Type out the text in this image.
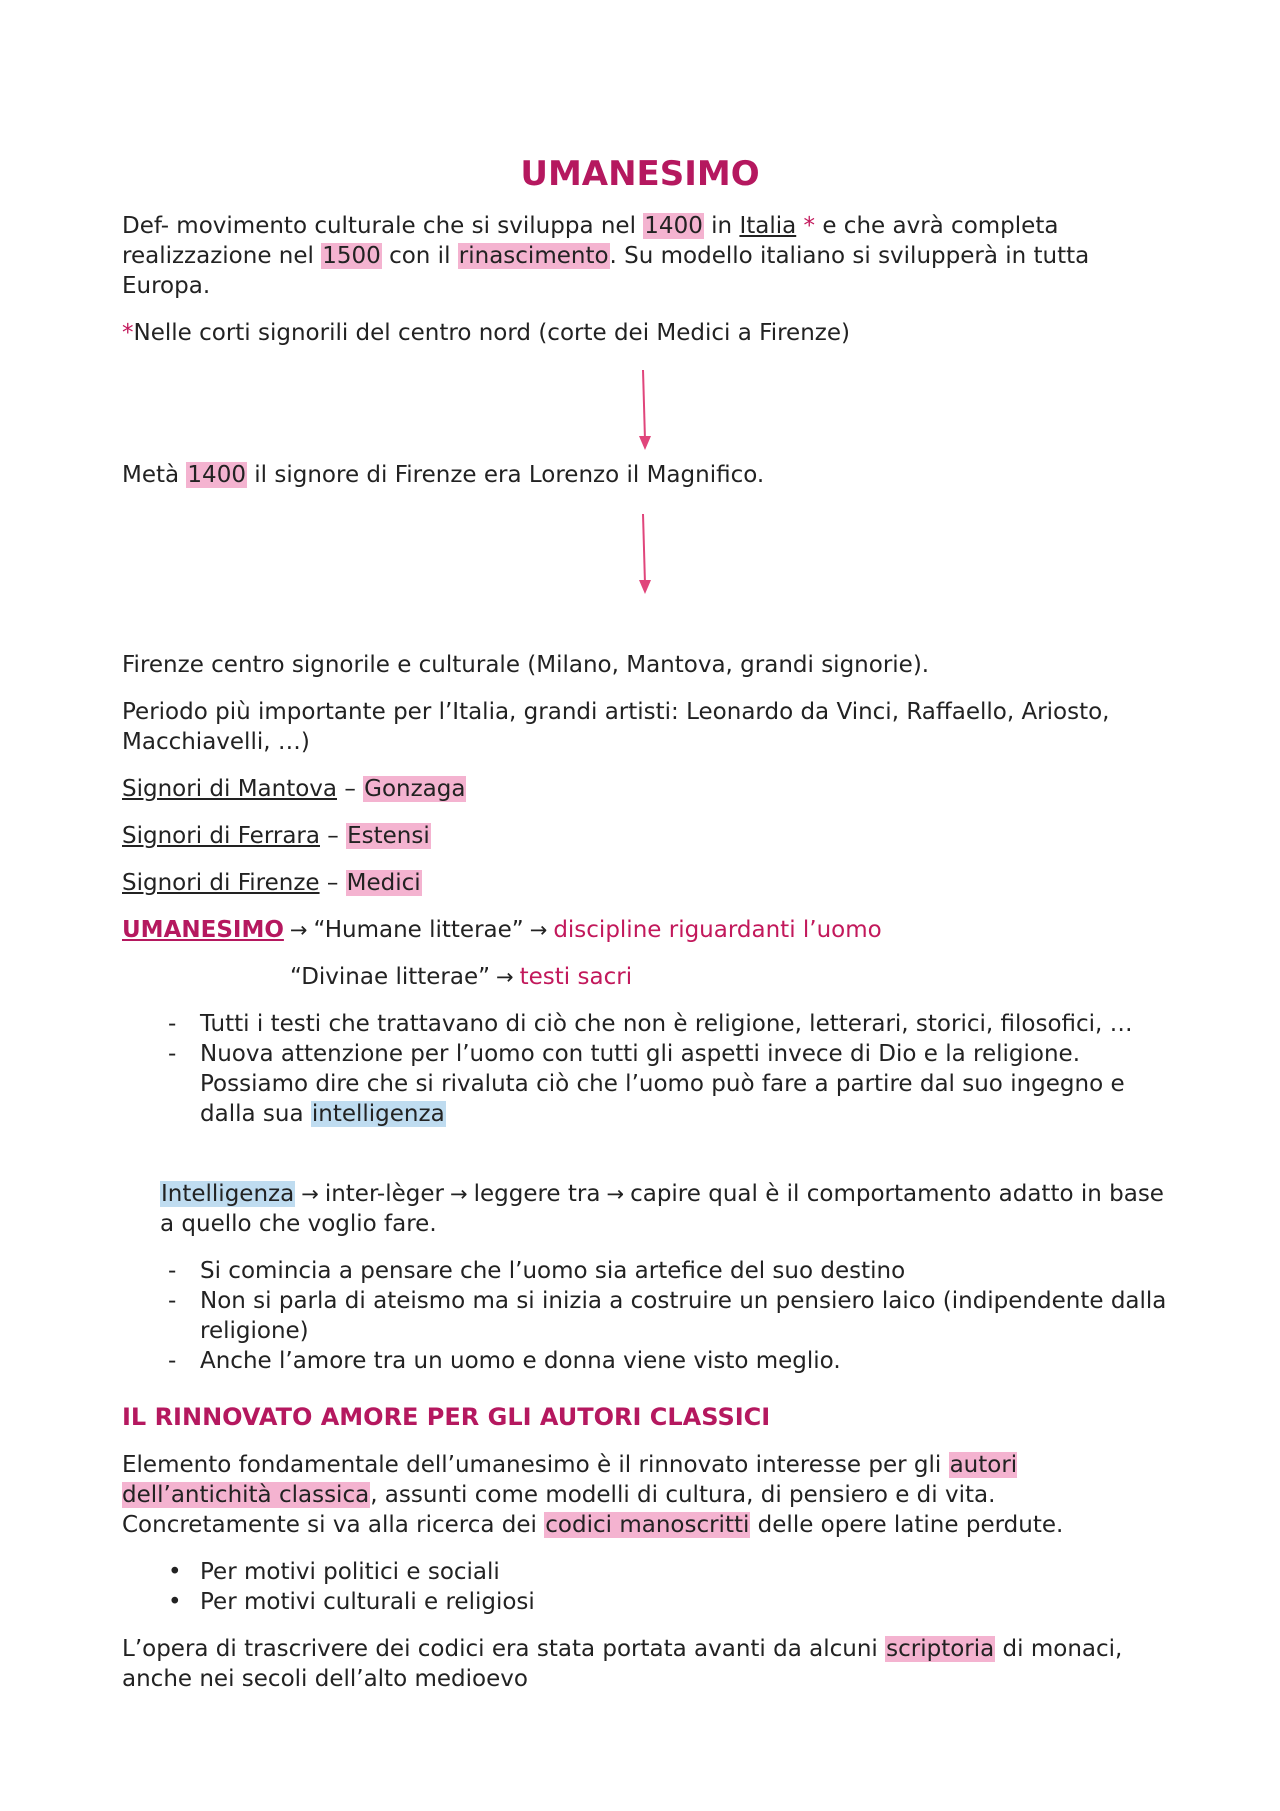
UMANESIMO

Def- movimento culturale che si sviluppa nel 1400 in Italia * e che avrà completa realizzazione nel 1500 con il rinascimento. Su modello italiano si svilupperà in tutta Europa.

*Nelle corti signorili del centro nord (corte dei Medici a Firenze)

Metà 1400 il signore di Firenze era Lorenzo il Magnifico.

Firenze centro signorile e culturale (Milano, Mantova, grandi signorie).

Periodo più importante per l’Italia, grandi artisti: Leonardo da Vinci, Raffaello, Ariosto, Macchiavelli, …)

Signori di Mantova – Gonzaga

Signori di Ferrara – Estensi

Signori di Firenze – Medici

UMANESIMO → “Humane litterae” → discipline riguardanti l’uomo

“Divinae litterae” → testi sacri

- Tutti i testi che trattavano di ciò che non è religione, letterari, storici, filosofici, …
- Nuova attenzione per l’uomo con tutti gli aspetti invece di Dio e la religione. Possiamo dire che si rivaluta ciò che l’uomo può fare a partire dal suo ingegno e dalla sua intelligenza

Intelligenza → inter-lèger → leggere tra → capire qual è il comportamento adatto in base a quello che voglio fare.

- Si comincia a pensare che l’uomo sia artefice del suo destino
- Non si parla di ateismo ma si inizia a costruire un pensiero laico (indipendente dalla religione)
- Anche l’amore tra un uomo e donna viene visto meglio.

IL RINNOVATO AMORE PER GLI AUTORI CLASSICI

Elemento fondamentale dell’umanesimo è il rinnovato interesse per gli autori dell’antichità classica, assunti come modelli di cultura, di pensiero e di vita. Concretamente si va alla ricerca dei codici manoscritti delle opere latine perdute.

• Per motivi politici e sociali
• Per motivi culturali e religiosi

L’opera di trascrivere dei codici era stata portata avanti da alcuni scriptoria di monaci, anche nei secoli dell’alto medioevo
